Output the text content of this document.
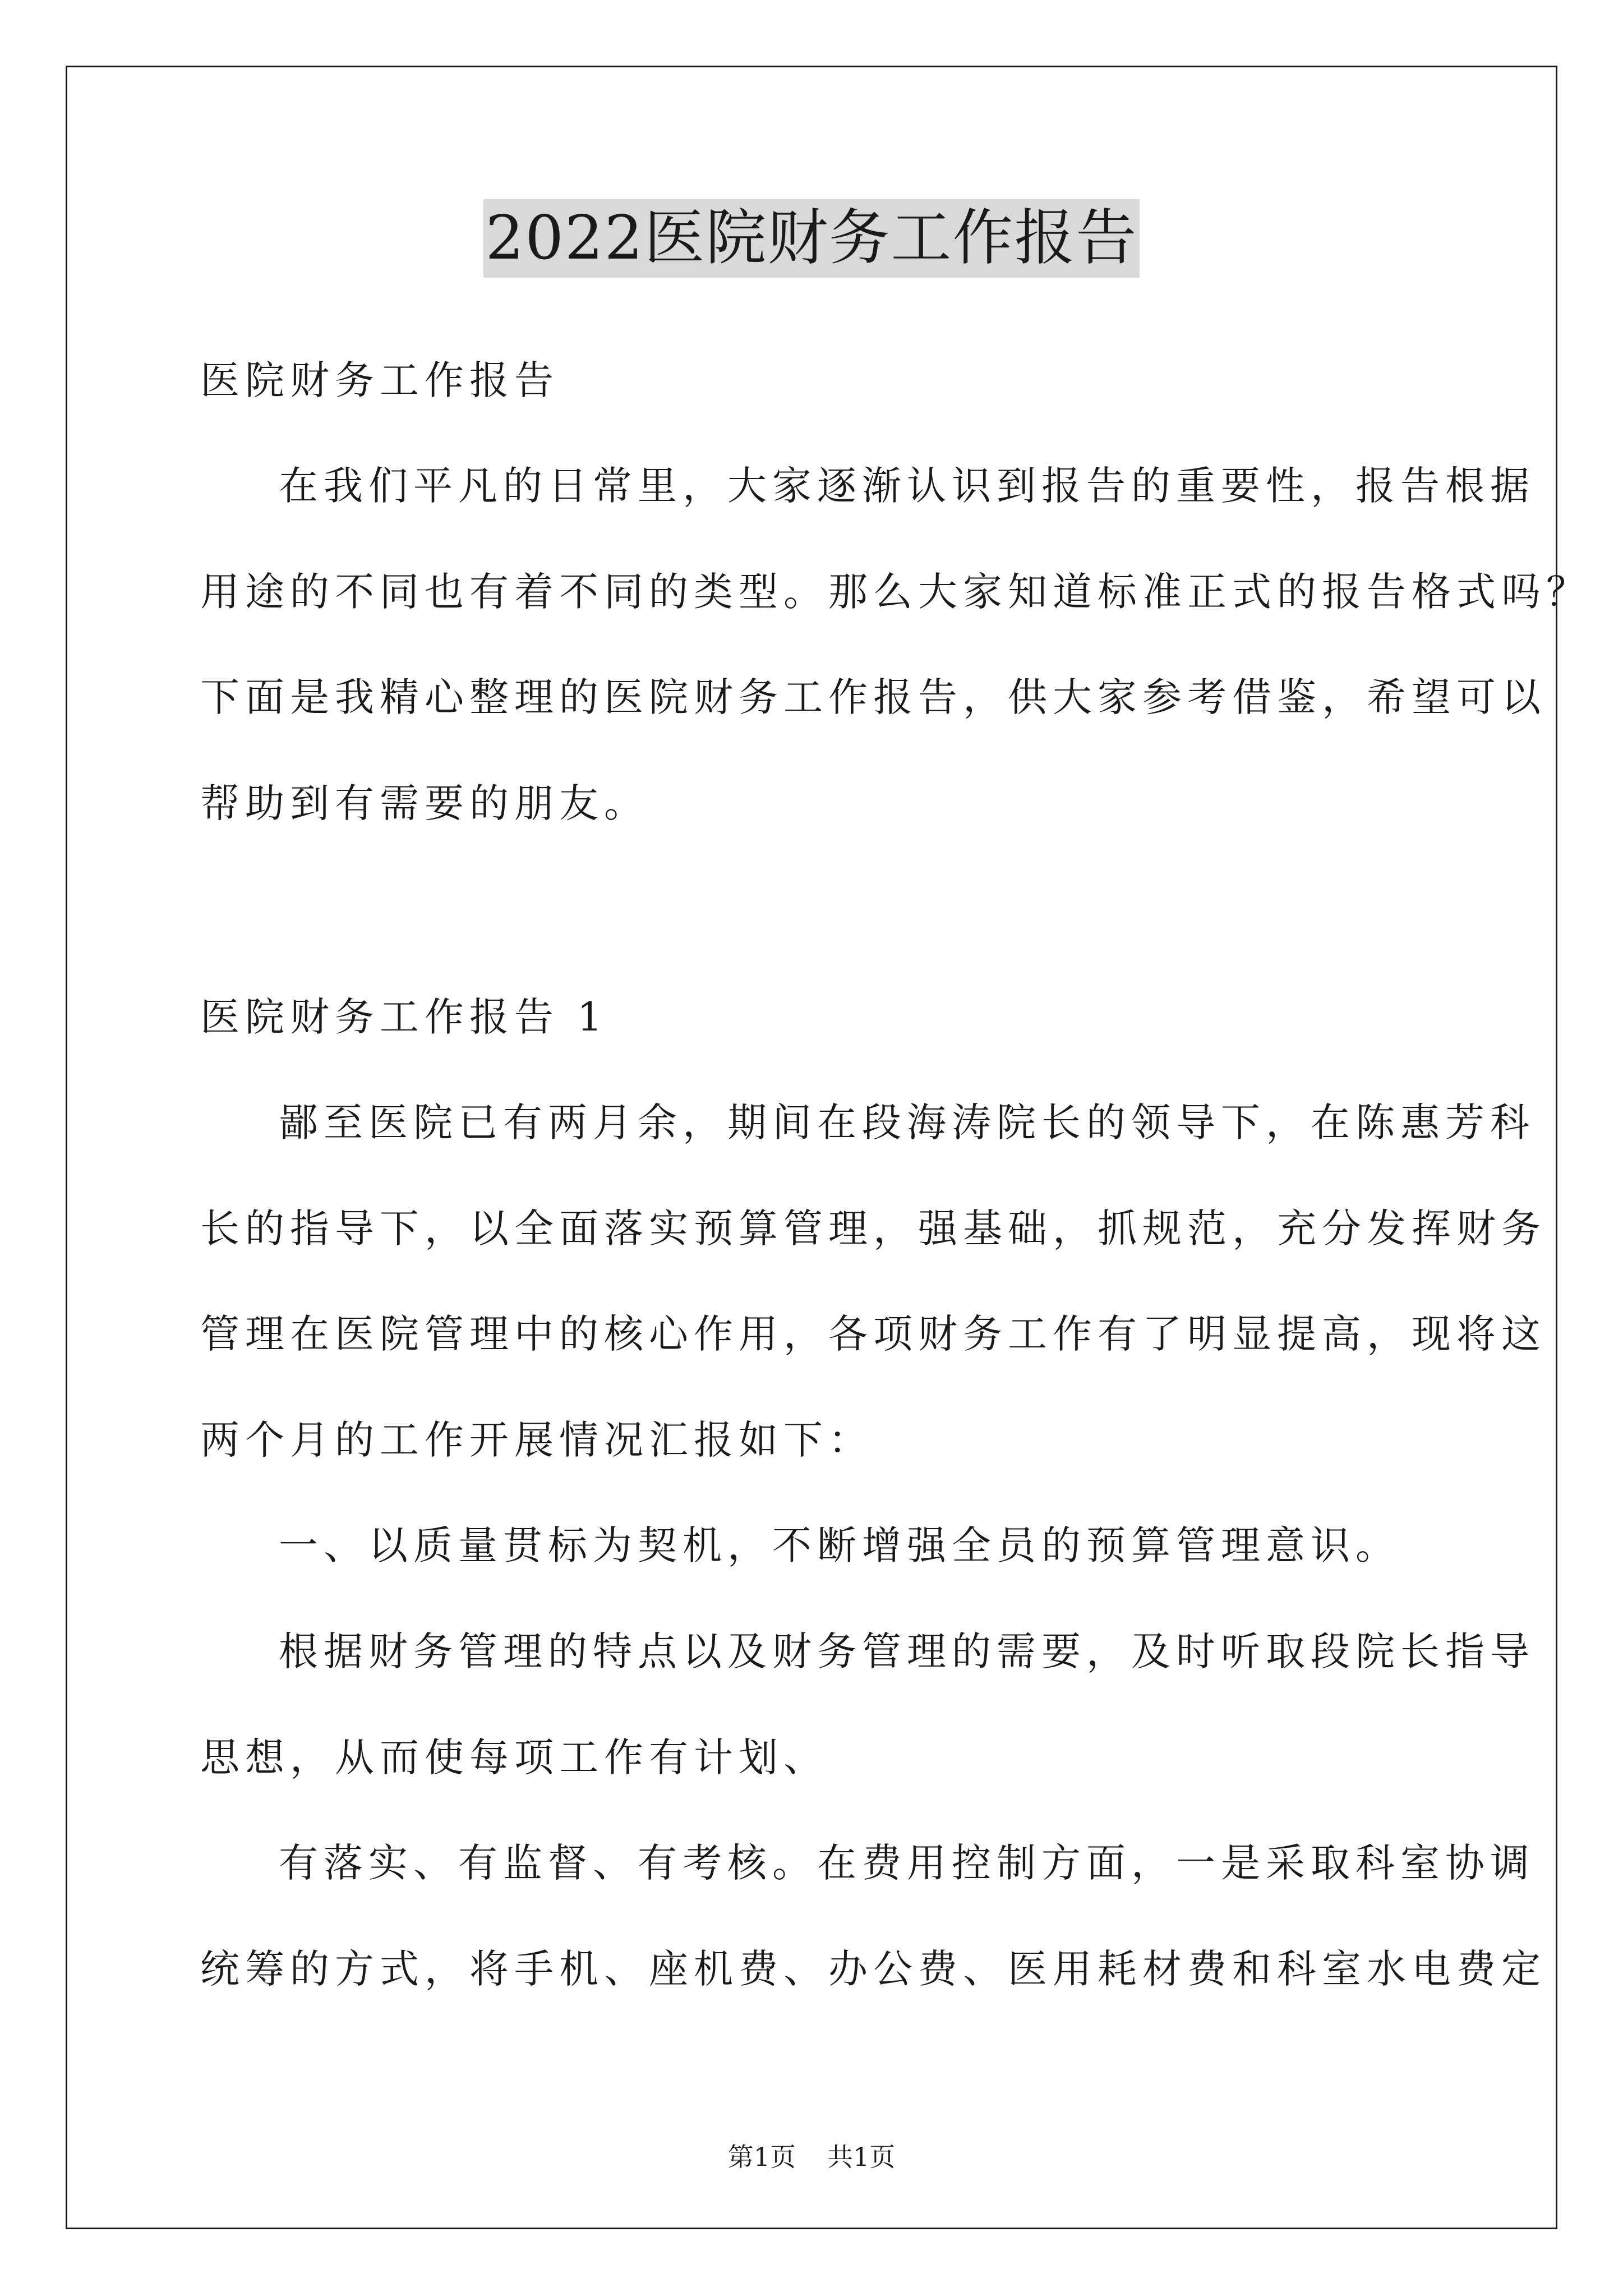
2022医院财务工作报告
医院财务工作报告
在我们平凡的日常里，大家逐渐认识到报告的重要性，报告根据
用途的不同也有着不同的类型。那么大家知道标准正式的报告格式吗？
下面是我精心整理的医院财务工作报告，供大家参考借鉴，希望可以
帮助到有需要的朋友。
医院财务工作报告 1
鄙至医院已有两月余，期间在段海涛院长的领导下，在陈惠芳科
长的指导下，以全面落实预算管理，强基础，抓规范，充分发挥财务
管理在医院管理中的核心作用，各项财务工作有了明显提高，现将这
两个月的工作开展情况汇报如下：
一、以质量贯标为契机，不断增强全员的预算管理意识。
根据财务管理的特点以及财务管理的需要，及时听取段院长指导
思想，从而使每项工作有计划、
有落实、有监督、有考核。在费用控制方面，一是采取科室协调
统筹的方式，将手机、座机费、办公费、医用耗材费和科室水电费定
第1页 共1页
